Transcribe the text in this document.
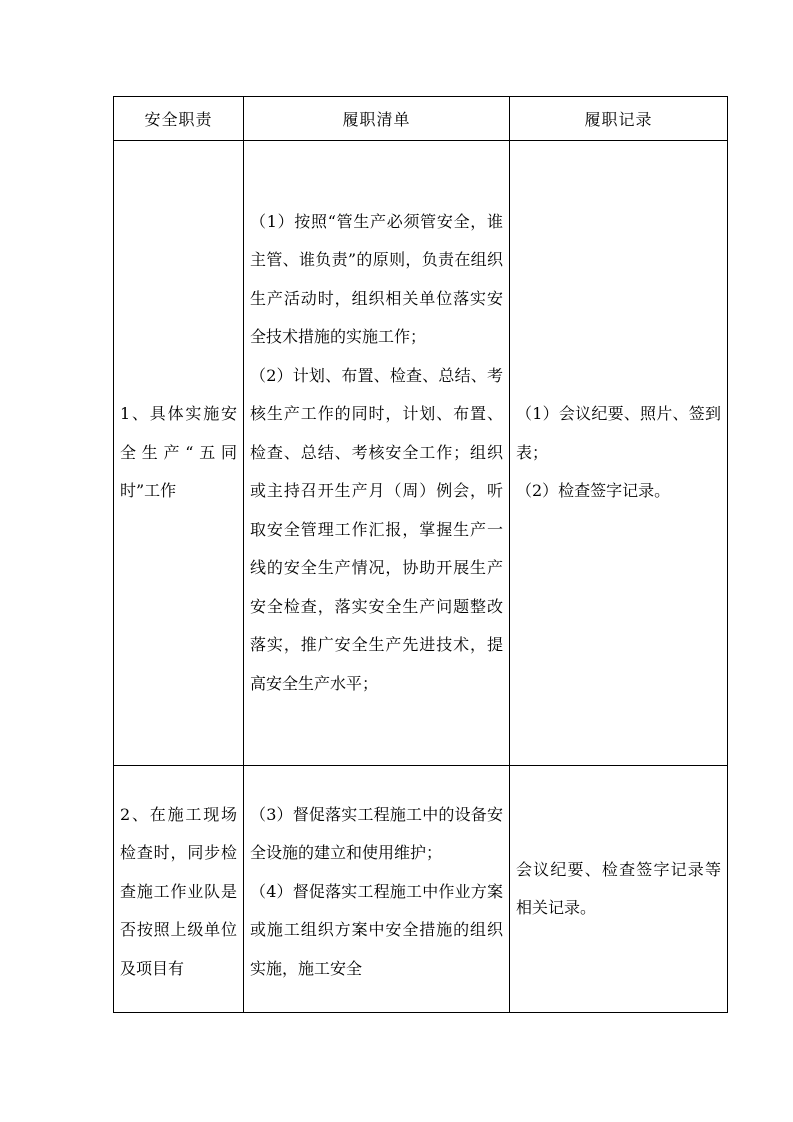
安全职责	履职清单	履职记录

1、具体实施安全生产“五同时”工作	（1）按照“管生产必须管安全，谁主管、谁负责”的原则，负责在组织生产活动时，组织相关单位落实安全技术措施的实施工作；
（2）计划、布置、检查、总结、考核生产工作的同时，计划、布置、检查、总结、考核安全工作；组织或主持召开生产月（周）例会，听取安全管理工作汇报，掌握生产一线的安全生产情况，协助开展生产安全检查，落实安全生产问题整改落实，推广安全生产先进技术，提高安全生产水平；	（1）会议纪要、照片、签到表；
（2）检查签字记录。

2、在施工现场检查时，同步检查施工作业队是否按照上级单位及项目有	（3）督促落实工程施工中的设备安全设施的建立和使用维护；
（4）督促落实工程施工中作业方案或施工组织方案中安全措施的组织实施，施工安全	会议纪要、检查签字记录等相关记录。
